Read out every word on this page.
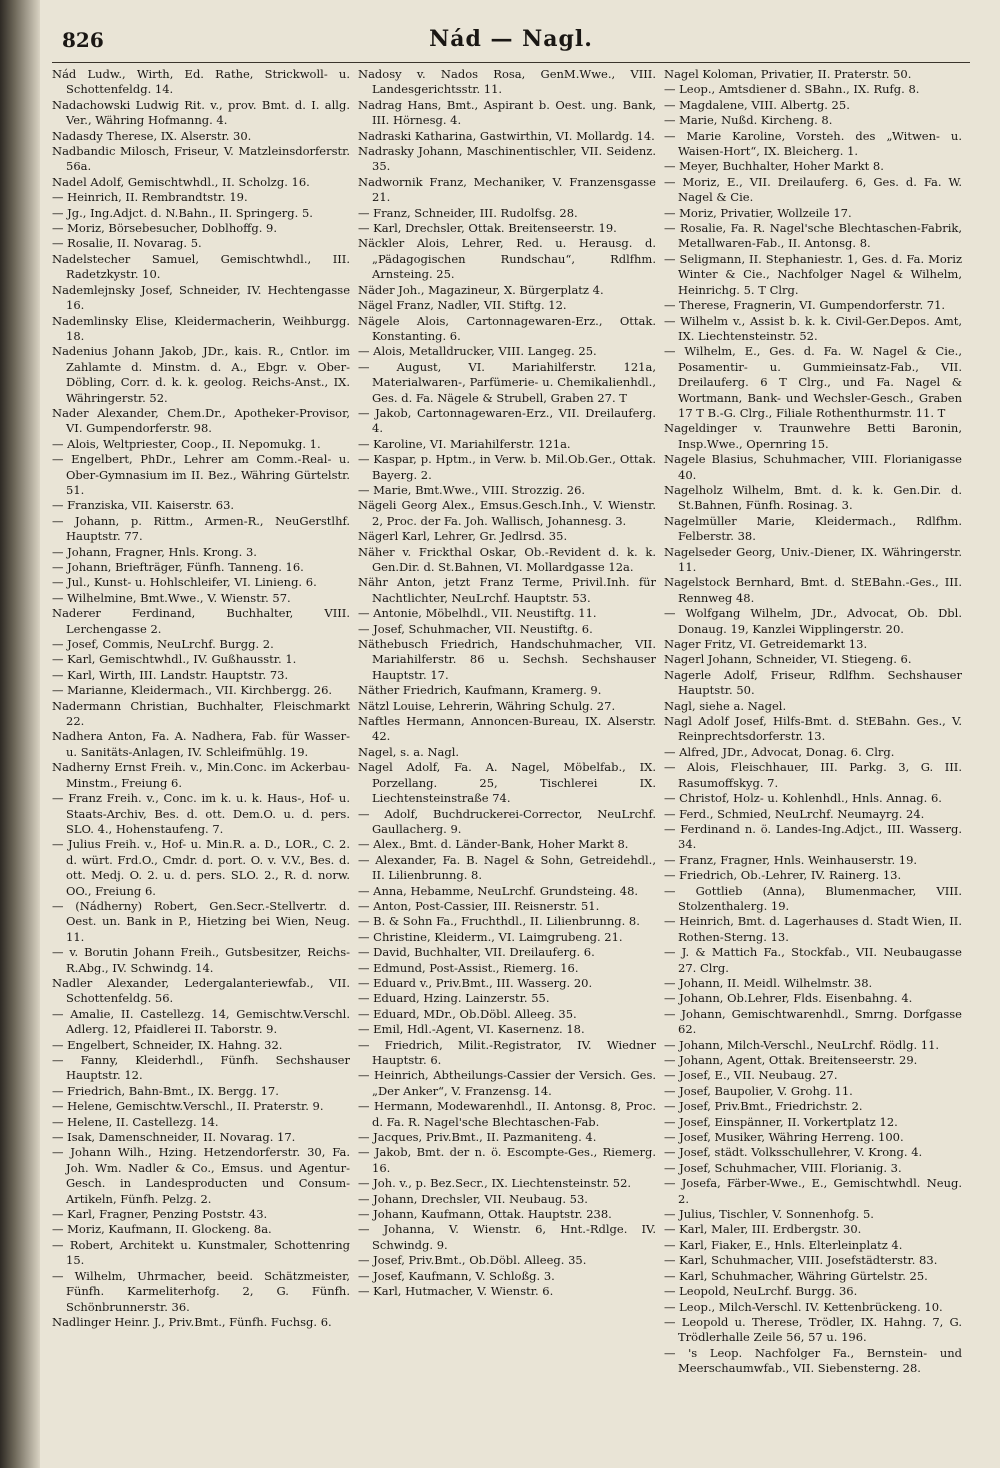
826	Nád — Nagl.

Nád Ludw., Wirth, Ed. Rathe, Strickwoll- u. Schottenfeldg. 14.

Nadachowski Ludwig Rit. v., prov. Bmt. d. I. allg. Ver., Währing Hofmanng. 4.

Nadasdy Therese, IX. Alserstr. 30.

Nadbandic Milosch, Friseur, V. Matzleinsdorferstr. 56a.

Nadel Adolf, Gemischtwhdl., II. Scholzg. 16.

— Heinrich, II. Rembrandtstr. 19.

— Jg., Ing.Adjct. d. N.Bahn., II. Springerg. 5.

— Moriz, Börsebesucher, Doblhoffg. 9.

— Rosalie, II. Novarag. 5.

Nadelstecher Samuel, Gemischtwhdl., III. Radetzkystr. 10.

Nademlejnsky Josef, Schneider, IV. Hechtengasse 16.

Nademlinsky Elise, Kleidermacherin, Weihburgg. 18.

Nadenius Johann Jakob, JDr., kais. R., Cntlor. im Zahlamte d. Minstm. d. A., Ebgr. v. Ober-Döbling, Corr. d. k. k. geolog. Reichs-Anst., IX. Währingerstr. 52.

Nader Alexander, Chem.Dr., Apotheker-Provisor, VI. Gumpendorferstr. 98.

— Alois, Weltpriester, Coop., II. Nepomukg. 1.

— Engelbert, PhDr., Lehrer am Comm.-Real- u. Ober-Gymnasium im II. Bez., Währing Gürtelstr. 51.

— Franziska, VII. Kaiserstr. 63.

— Johann, p. Rittm., Armen-R., NeuGerstlhf. Hauptstr. 77.

— Johann, Fragner, Hnls. Krong. 3.

— Johann, Briefträger, Fünfh. Tanneng. 16.

— Jul., Kunst- u. Hohlschleifer, VI. Linieng. 6.

— Wilhelmine, Bmt.Wwe., V. Wienstr. 57.

Naderer Ferdinand, Buchhalter, VIII. Lerchengasse 2.

— Josef, Commis, NeuLrchf. Burgg. 2.

— Karl, Gemischtwhdl., IV. Gußhausstr. 1.

— Karl, Wirth, III. Landstr. Hauptstr. 73.

— Marianne, Kleidermach., VII. Kirchbergg. 26.

Nadermann Christian, Buchhalter, Fleischmarkt 22.

Nadhera Anton, Fa. A. Nadhera, Fab. für Wasser- u. Sanitäts-Anlagen, IV. Schleifmühlg. 19.

Nadherny Ernst Freih. v., Min.Conc. im Ackerbau-Minstm., Freiung 6.

— Franz Freih. v., Conc. im k. u. k. Haus-, Hof- u. Staats-Archiv, Bes. d. ott. Dem.O. u. d. pers. SLO. 4., Hohenstaufeng. 7.

— Julius Freih. v., Hof- u. Min.R. a. D., LOR., C. 2. d. würt. Frd.O., Cmdr. d. port. O. v. V.V., Bes. d. ott. Medj. O. 2. u. d. pers. SLO. 2., R. d. norw. OO., Freiung 6.

— (Nádherny) Robert, Gen.Secr.-Stellvertr. d. Oest. un. Bank in P., Hietzing bei Wien, Neug. 11.

— v. Borutin Johann Freih., Gutsbesitzer, Reichs-R.Abg., IV. Schwindg. 14.

Nadler Alexander, Ledergalanteriewfab., VII. Schottenfeldg. 56.

— Amalie, II. Castellezg. 14, Gemischtw.Verschl. Adlerg. 12, Pfaidlerei II. Taborstr. 9.

— Engelbert, Schneider, IX. Hahng. 32.

— Fanny, Kleiderhdl., Fünfh. Sechshauser Hauptstr. 12.

— Friedrich, Bahn-Bmt., IX. Bergg. 17.

— Helene, Gemischtw.Verschl., II. Praterstr. 9.

— Helene, II. Castellezg. 14.

— Isak, Damenschneider, II. Novarag. 17.

— Johann Wilh., Hzing. Hetzendorferstr. 30, Fa. Joh. Wm. Nadler & Co., Emsus. und Agentur-Gesch. in Landesproducten und Consum-Artikeln, Fünfh. Pelzg. 2.

— Karl, Fragner, Penzing Poststr. 43.

— Moriz, Kaufmann, II. Glockeng. 8a.

— Robert, Architekt u. Kunstmaler, Schottenring 15.

— Wilhelm, Uhrmacher, beeid. Schätzmeister, Fünfh. Karmeliterhofg. 2, G. Fünfh. Schönbrunnerstr. 36.

Nadlinger Heinr. J., Priv.Bmt., Fünfh. Fuchsg. 6.

Nadosy v. Nados Rosa, GenM.Wwe., VIII. Landesgerichtsstr. 11.

Nadrag Hans, Bmt., Aspirant b. Oest. ung. Bank, III. Hörnesg. 4.

Nadraski Katharina, Gastwirthin, VI. Mollardg. 14.

Nadrasky Johann, Maschinentischler, VII. Seidenz. 35.

Nadwornik Franz, Mechaniker, V. Franzensgasse 21.

— Franz, Schneider, III. Rudolfsg. 28.

— Karl, Drechsler, Ottak. Breitenseerstr. 19.

Näckler Alois, Lehrer, Red. u. Herausg. d. „Pädagogischen Rundschau“, Rdlfhm. Arnsteing. 25.

Näder Joh., Magazineur, X. Bürgerplatz 4.

Nägel Franz, Nadler, VII. Stiftg. 12.

Nägele Alois, Cartonnagewaren-Erz., Ottak. Konstanting. 6.

— Alois, Metalldrucker, VIII. Langeg. 25.

— August, VI. Mariahilferstr. 121a, Materialwaren-, Parfümerie- u. Chemikalienhdl., Ges. d. Fa. Nägele & Strubell, Graben 27. T

— Jakob, Cartonnagewaren-Erz., VII. Dreilauferg. 4.

— Karoline, VI. Mariahilferstr. 121a.

— Kaspar, p. Hptm., in Verw. b. Mil.Ob.Ger., Ottak. Bayerg. 2.

— Marie, Bmt.Wwe., VIII. Strozzig. 26.

Nägeli Georg Alex., Emsus.Gesch.Inh., V. Wienstr. 2, Proc. der Fa. Joh. Wallisch, Johannesg. 3.

Nägerl Karl, Lehrer, Gr. Jedlrsd. 35.

Näher v. Frickthal Oskar, Ob.-Revident d. k. k. Gen.Dir. d. St.Bahnen, VI. Mollardgasse 12a.

Nähr Anton, jetzt Franz Terme, Privil.Inh. für Nachtlichter, NeuLrchf. Hauptstr. 53.

— Antonie, Möbelhdl., VII. Neustiftg. 11.

— Josef, Schuhmacher, VII. Neustiftg. 6.

Näthebusch Friedrich, Handschuhmacher, VII. Mariahilferstr. 86 u. Sechsh. Sechshauser Hauptstr. 17.

Näther Friedrich, Kaufmann, Kramerg. 9.

Nätzl Louise, Lehrerin, Währing Schulg. 27.

Naftles Hermann, Annoncen-Bureau, IX. Alserstr. 42.

Nagel, s. a. Nagl.

Nagel Adolf, Fa. A. Nagel, Möbelfab., IX. Porzellang. 25, Tischlerei IX. Liechtensteinstraße 74.

— Adolf, Buchdruckerei-Corrector, NeuLrchf. Gaullacherg. 9.

— Alex., Bmt. d. Länder-Bank, Hoher Markt 8.

— Alexander, Fa. B. Nagel & Sohn, Getreidehdl., II. Lilienbrunng. 8.

— Anna, Hebamme, NeuLrchf. Grundsteing. 48.

— Anton, Post-Cassier, III. Reisnerstr. 51.

— B. & Sohn Fa., Fruchthdl., II. Lilienbrunng. 8.

— Christine, Kleiderm., VI. Laimgrubeng. 21.

— David, Buchhalter, VII. Dreilauferg. 6.

— Edmund, Post-Assist., Riemerg. 16.

— Eduard v., Priv.Bmt., III. Wasserg. 20.

— Eduard, Hzing. Lainzerstr. 55.

— Eduard, MDr., Ob.Döbl. Alleeg. 35.

— Emil, Hdl.-Agent, VI. Kasernenz. 18.

— Friedrich, Milit.-Registrator, IV. Wiedner Hauptstr. 6.

— Heinrich, Abtheilungs-Cassier der Versich. Ges. „Der Anker“, V. Franzensg. 14.

— Hermann, Modewarenhdl., II. Antonsg. 8, Proc. d. Fa. R. Nagel'sche Blechtaschen-Fab.

— Jacques, Priv.Bmt., II. Pazmaniteng. 4.

— Jakob, Bmt. der n. ö. Escompte-Ges., Riemerg. 16.

— Joh. v., p. Bez.Secr., IX. Liechtensteinstr. 52.

— Johann, Drechsler, VII. Neubaug. 53.

— Johann, Kaufmann, Ottak. Hauptstr. 238.

— Johanna, V. Wienstr. 6, Hnt.-Rdlge. IV. Schwindg. 9.

— Josef, Priv.Bmt., Ob.Döbl. Alleeg. 35.

— Josef, Kaufmann, V. Schloßg. 3.

— Karl, Hutmacher, V. Wienstr. 6.

Nagel Koloman, Privatier, II. Praterstr. 50.

— Leop., Amtsdiener d. SBahn., IX. Rufg. 8.

— Magdalene, VIII. Albertg. 25.

— Marie, Nußd. Kircheng. 8.

— Marie Karoline, Vorsteh. des „Witwen- u. Waisen-Hort“, IX. Bleicherg. 1.

— Meyer, Buchhalter, Hoher Markt 8.

— Moriz, E., VII. Dreilauferg. 6, Ges. d. Fa. W. Nagel & Cie.

— Moriz, Privatier, Wollzeile 17.

— Rosalie, Fa. R. Nagel'sche Blechtaschen-Fabrik, Metallwaren-Fab., II. Antonsg. 8.

— Seligmann, II. Stephaniestr. 1, Ges. d. Fa. Moriz Winter & Cie., Nachfolger Nagel & Wilhelm, Heinrichg. 5. T Clrg.

— Therese, Fragnerin, VI. Gumpendorferstr. 71.

— Wilhelm v., Assist b. k. k. Civil-Ger.Depos. Amt, IX. Liechtensteinstr. 52.

— Wilhelm, E., Ges. d. Fa. W. Nagel & Cie., Posamentir- u. Gummieinsatz-Fab., VII. Dreilauferg. 6 T Clrg., und Fa. Nagel & Wortmann, Bank- und Wechsler-Gesch., Graben 17 T B.-G. Clrg., Filiale Rothenthurmstr. 11. T

Nageldinger v. Traunwehre Betti Baronin, Insp.Wwe., Opernring 15.

Nagele Blasius, Schuhmacher, VIII. Florianigasse 40.

Nagelholz Wilhelm, Bmt. d. k. k. Gen.Dir. d. St.Bahnen, Fünfh. Rosinag. 3.

Nagelmüller Marie, Kleidermach., Rdlfhm. Felberstr. 38.

Nagelseder Georg, Univ.-Diener, IX. Währingerstr. 11.

Nagelstock Bernhard, Bmt. d. StEBahn.-Ges., III. Rennweg 48.

— Wolfgang Wilhelm, JDr., Advocat, Ob. Dbl. Donaug. 19, Kanzlei Wipplingerstr. 20.

Nager Fritz, VI. Getreidemarkt 13.

Nagerl Johann, Schneider, VI. Stiegeng. 6.

Nagerle Adolf, Friseur, Rdlfhm. Sechshauser Hauptstr. 50.

Nagl, siehe a. Nagel.

Nagl Adolf Josef, Hilfs-Bmt. d. StEBahn. Ges., V. Reinprechtsdorferstr. 13.

— Alfred, JDr., Advocat, Donag. 6. Clrg.

— Alois, Fleischhauer, III. Parkg. 3, G. III. Rasumoffskyg. 7.

— Christof, Holz- u. Kohlenhdl., Hnls. Annag. 6.

— Ferd., Schmied, NeuLrchf. Neumayrg. 24.

— Ferdinand n. ö. Landes-Ing.Adjct., III. Wasserg. 34.

— Franz, Fragner, Hnls. Weinhauserstr. 19.

— Friedrich, Ob.-Lehrer, IV. Rainerg. 13.

— Gottlieb (Anna), Blumenmacher, VIII. Stolzenthalerg. 19.

— Heinrich, Bmt. d. Lagerhauses d. Stadt Wien, II. Rothen-Sterng. 13.

— J. & Mattich Fa., Stockfab., VII. Neubaugasse 27. Clrg.

— Johann, II. Meidl. Wilhelmstr. 38.

— Johann, Ob.Lehrer, Flds. Eisenbahng. 4.

— Johann, Gemischtwarenhdl., Smrng. Dorfgasse 62.

— Johann, Milch-Verschl., NeuLrchf. Rödlg. 11.

— Johann, Agent, Ottak. Breitenseerstr. 29.

— Josef, E., VII. Neubaug. 27.

— Josef, Baupolier, V. Grohg. 11.

— Josef, Priv.Bmt., Friedrichstr. 2.

— Josef, Einspänner, II. Vorkertplatz 12.

— Josef, Musiker, Währing Herreng. 100.

— Josef, städt. Volksschullehrer, V. Krong. 4.

— Josef, Schuhmacher, VIII. Florianig. 3.

— Josefa, Färber-Wwe., E., Gemischtwhdl. Neug. 2.

— Julius, Tischler, V. Sonnenhofg. 5.

— Karl, Maler, III. Erdbergstr. 30.

— Karl, Fiaker, E., Hnls. Elterleinplatz 4.

— Karl, Schuhmacher, VIII. Josefstädterstr. 83.

— Karl, Schuhmacher, Währing Gürtelstr. 25.

— Leopold, NeuLrchf. Burgg. 36.

— Leop., Milch-Verschl. IV. Kettenbrückeng. 10.

— Leopold u. Therese, Trödler, IX. Hahng. 7, G. Trödlerhalle Zeile 56, 57 u. 196.

— 's Leop. Nachfolger Fa., Bernstein- und Meerschaumwfab., VII. Siebensterng. 28.
